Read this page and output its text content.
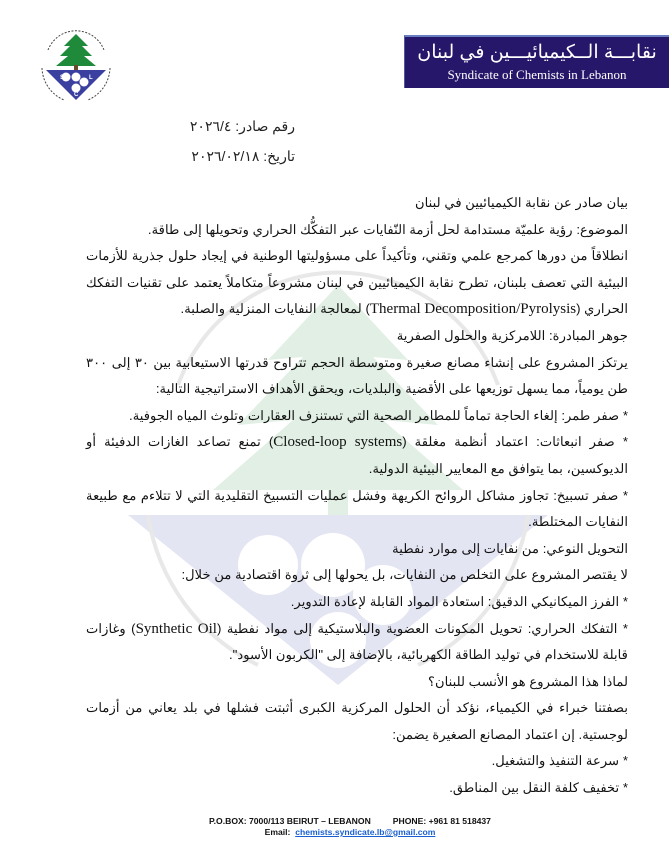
S	L
C
نقابـــة الــكيميائيـــين في لبنان
Syndicate of Chemists in Lebanon
رقم صادر: ٢٠٢٦/٤
تاريخ: ٢٠٢٦/٠٢/١٨

بيان صادر عن نقابة الكيميائيين في لبنان

الموضوع: رؤية علميّة مستدامة لحل أزمة النّفايات عبر التفكُّك الحراري وتحويلها إلى طاقة.

انطلاقاً من دورها كمرجع علمي وتقني، وتأكيداً على مسؤوليتها الوطنية في إيجاد حلول جذرية للأزمات البيئية التي تعصف بلبنان، تطرح نقابة الكيميائيين في لبنان مشروعاً متكاملاً يعتمد على تقنيات التفكك الحراري (Thermal Decomposition/Pyrolysis) لمعالجة النفايات المنزلية والصلبة.

جوهر المبادرة: اللامركزية والحلول الصفرية

يرتكز المشروع على إنشاء مصانع صغيرة ومتوسطة الحجم تتراوح قدرتها الاستيعابية بين ٣٠ إلى ٣٠٠ طن يومياً، مما يسهل توزيعها على الأقضية والبلديات، ويحقق الأهداف الاستراتيجية التالية:

* صفر طمر: إلغاء الحاجة تماماً للمطامر الصحية التي تستنزف العقارات وتلوث المياه الجوفية.

* صفر انبعاثات: اعتماد أنظمة مغلقة (Closed-loop systems) تمنع تصاعد الغازات الدفيئة أو الديوكسين، بما يتوافق مع المعايير البيئية الدولية.

* صفر تسبيخ: تجاوز مشاكل الروائح الكريهة وفشل عمليات التسبيخ التقليدية التي لا تتلاءم مع طبيعة النفايات المختلطة.

التحويل النوعي: من نفايات إلى موارد نفطية

لا يقتصر المشروع على التخلص من النفايات، بل يحولها إلى ثروة اقتصادية من خلال:

* الفرز الميكانيكي الدقيق: استعادة المواد القابلة لإعادة التدوير.

* التفكك الحراري: تحويل المكونات العضوية والبلاستيكية إلى مواد نفطية (Synthetic Oil) وغازات قابلة للاستخدام في توليد الطاقة الكهربائية، بالإضافة إلى "الكربون الأسود".

لماذا هذا المشروع هو الأنسب للبنان؟

بصفتنا خبراء في الكيمياء، نؤكد أن الحلول المركزية الكبرى أثبتت فشلها في بلد يعاني من أزمات لوجستية. إن اعتماد المصانع الصغيرة يضمن:

* سرعة التنفيذ والتشغيل.

* تخفيف كلفة النقل بين المناطق.

P.O.BOX: 7000/113 BEIRUT – LEBANON	PHONE: +961 81 518437
Email: chemists.syndicate.lb@gmail.com
